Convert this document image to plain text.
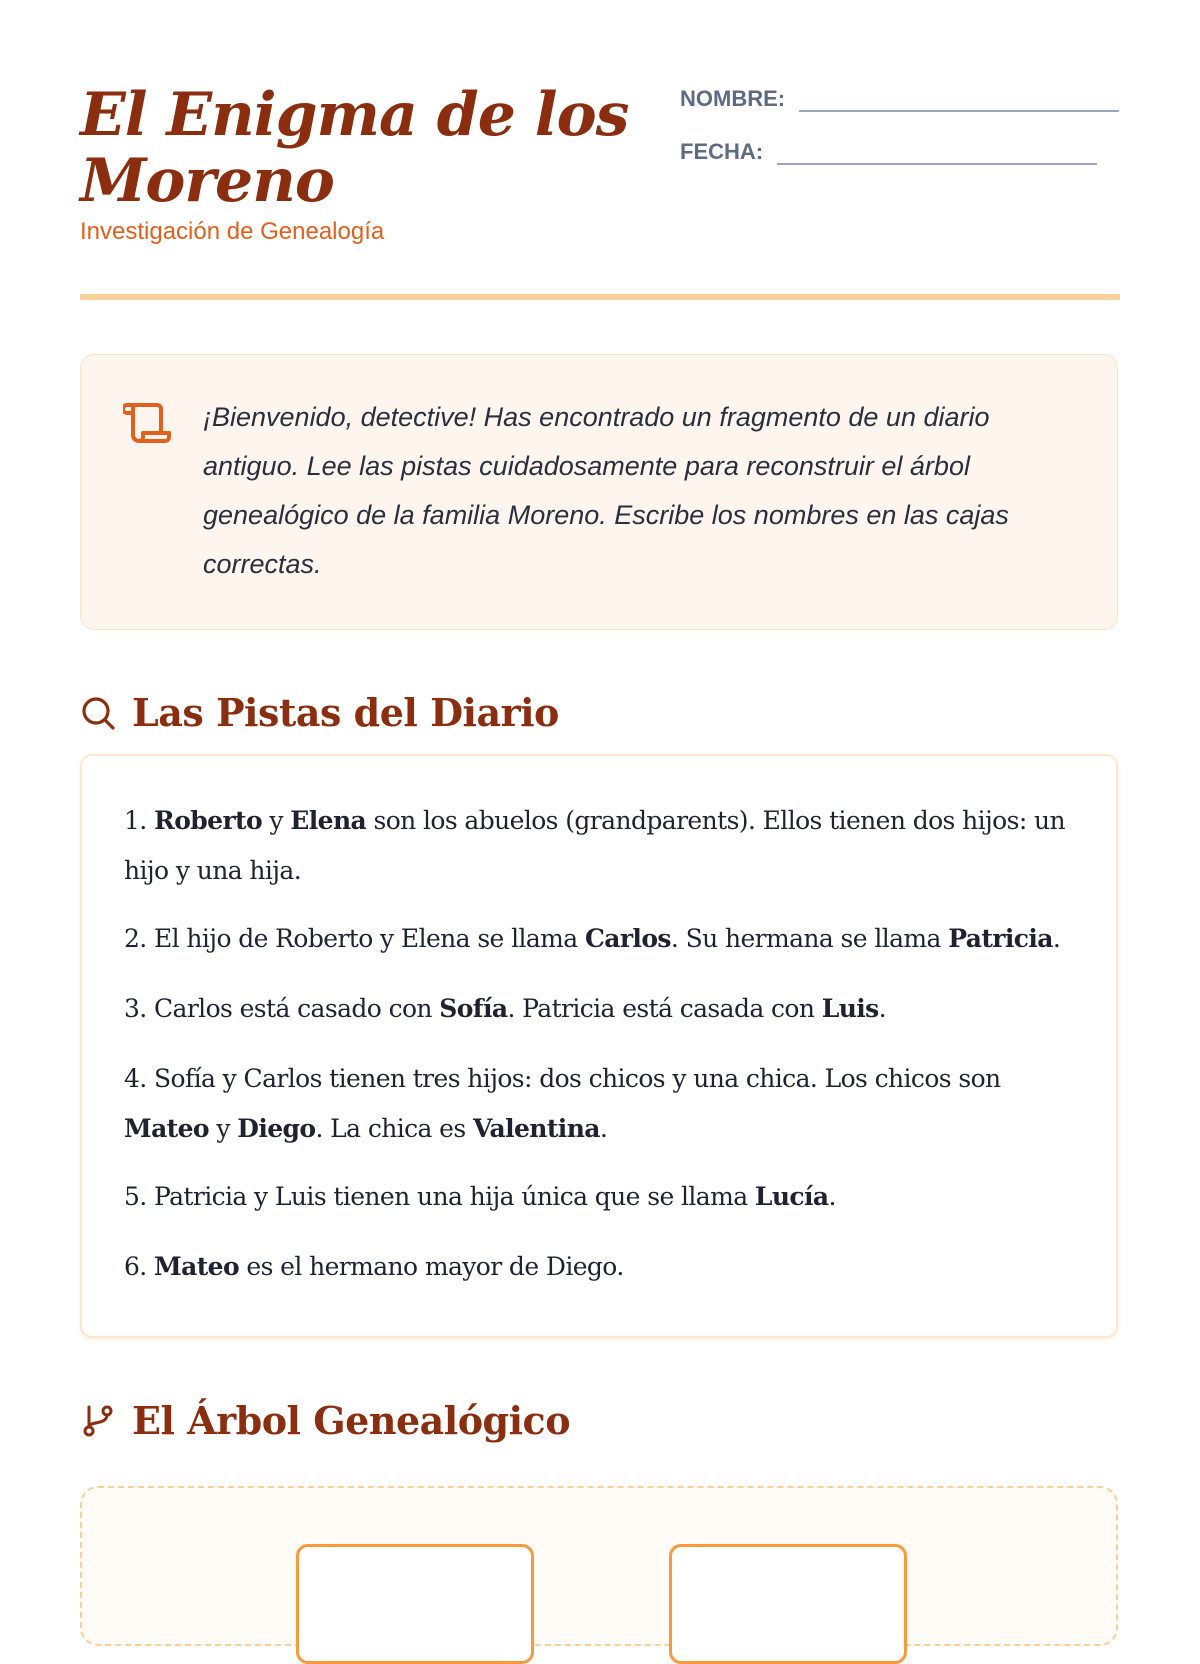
El Enigma de los Moreno
Investigación de Genealogía
NOMBRE:
FECHA:

¡Bienvenido, detective! Has encontrado un fragmento de un diario antiguo. Lee las pistas cuidadosamente para reconstruir el árbol genealógico de la familia Moreno. Escribe los nombres en las cajas correctas.

Las Pistas del Diario

1. Roberto y Elena son los abuelos (grandparents). Ellos tienen dos hijos: un hijo y una hija.

2. El hijo de Roberto y Elena se llama Carlos. Su hermana se llama Patricia.

3. Carlos está casado con Sofía. Patricia está casada con Luis.

4. Sofía y Carlos tienen tres hijos: dos chicos y una chica. Los chicos son Mateo y Diego. La chica es Valentina.

5. Patricia y Luis tienen una hija única que se llama Lucía.

6. Mateo es el hermano mayor de Diego.

El Árbol Genealógico
